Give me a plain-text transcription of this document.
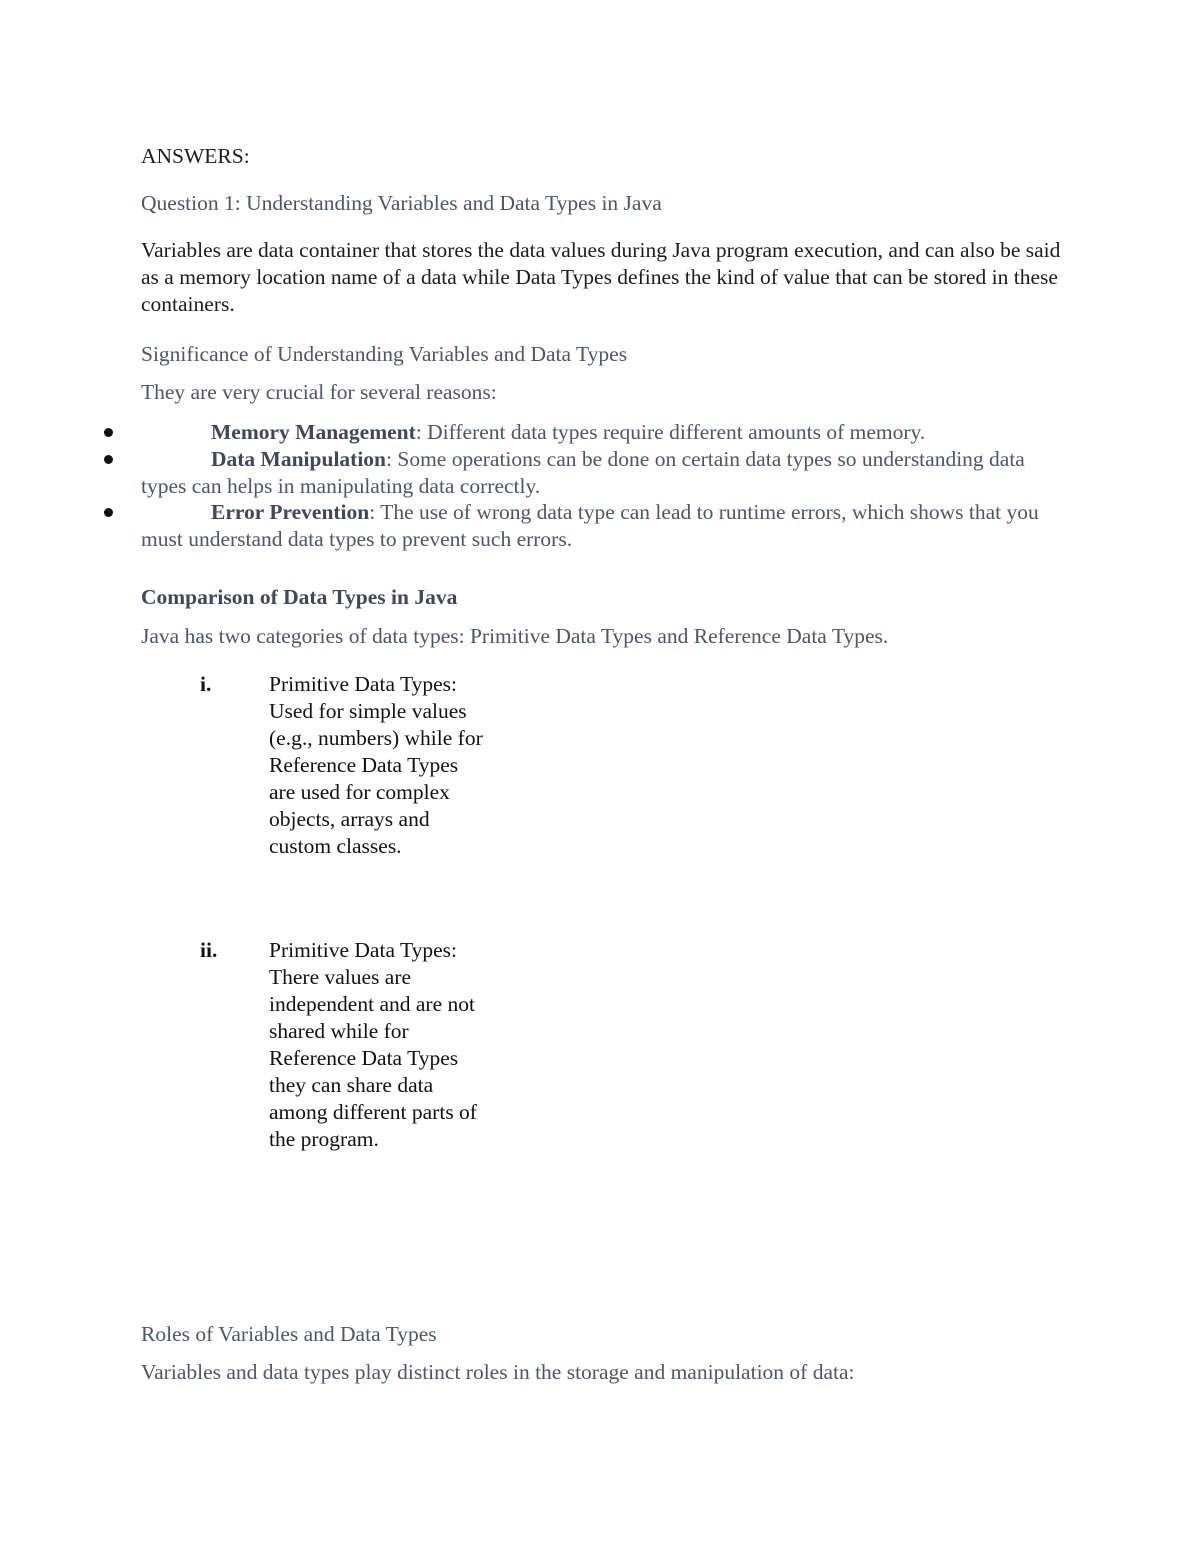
ANSWERS:
Question 1: Understanding Variables and Data Types in Java
Variables are data container that stores the data values during Java program execution, and can also be said as a memory location name of a data while Data Types defines the kind of value that can be stored in these containers.
Significance of Understanding Variables and Data Types
They are very crucial for several reasons:
Memory Management: Different data types require different amounts of memory.
Data Manipulation: Some operations can be done on certain data types so understanding data types can helps in manipulating data correctly.
Error Prevention: The use of wrong data type can lead to runtime errors, which shows that you must understand data types to prevent such errors.
Comparison of Data Types in Java
Java has two categories of data types: Primitive Data Types and Reference Data Types.
i.	Primitive Data Types: Used for simple values (e.g., numbers) while for Reference Data Types are used for complex objects, arrays and custom classes.
ii. Primitive Data Types: There values are independent and are not shared while for Reference Data Types they can share data among different parts of the program.
Roles of Variables and Data Types
Variables and data types play distinct roles in the storage and manipulation of data:
